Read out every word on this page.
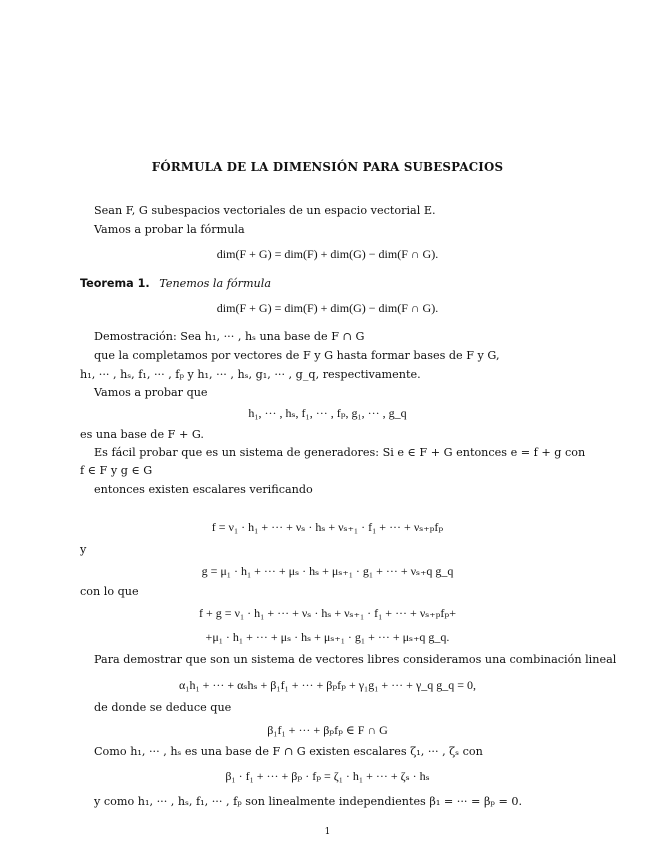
FÓRMULA DE LA DIMENSIÓN PARA SUBESPACIOS
Sean F, G subespacios vectoriales de un espacio vectorial E.
Vamos a probar la fórmula
dim(F + G) = dim(F) + dim(G) − dim(F ∩ G).
Teorema 1. Tenemos la fórmula
dim(F + G) = dim(F) + dim(G) − dim(F ∩ G).
Demostración: Sea h₁, ··· , hₛ una base de F ∩ G
que la completamos por vectores de F y G hasta formar bases de F y G,
h₁, ··· , hₛ, f₁, ··· , fₚ y h₁, ··· , hₛ, g₁, ··· , g_q, respectivamente.
Vamos a probar que
h₁, ··· , hₛ, f₁, ··· , fₚ, g₁, ··· , g_q
es una base de F + G.
Es fácil probar que es un sistema de generadores: Si e ∈ F + G entonces e = f + g con
f ∈ F y g ∈ G
entonces existen escalares verificando
f = ν₁ · h₁ + ··· + νₛ · hₛ + νₛ₊₁ · f₁ + ··· + νₛ₊ₚfₚ
y
g = μ₁ · h₁ + ··· + μₛ · hₛ + μₛ₊₁ · g₁ + ··· + νₛ₊q g_q
con lo que
f + g = ν₁ · h₁ + ··· + νₛ · hₛ + νₛ₊₁ · f₁ + ··· + νₛ₊ₚfₚ+
+μ₁ · h₁ + ··· + μₛ · hₛ + μₛ₊₁ · g₁ + ··· + μₛ₊q g_q.
Para demostrar que son un sistema de vectores libres consideramos una combinación lineal
α₁h₁ + ··· + αₛhₛ + β₁f₁ + ··· + βₚfₚ + γ₁g₁ + ··· + γ_q g_q = 0,
de donde se deduce que
β₁f₁ + ··· + βₚfₚ ∈ F ∩ G
Como h₁, ··· , hₛ es una base de F ∩ G existen escalares ζ₁, ··· , ζₛ con
β₁ · f₁ + ··· + βₚ · fₚ = ζ₁ · h₁ + ··· + ζₛ · hₛ
y como h₁, ··· , hₛ, f₁, ··· , fₚ son linealmente independientes β₁ = ··· = βₚ = 0.
1
